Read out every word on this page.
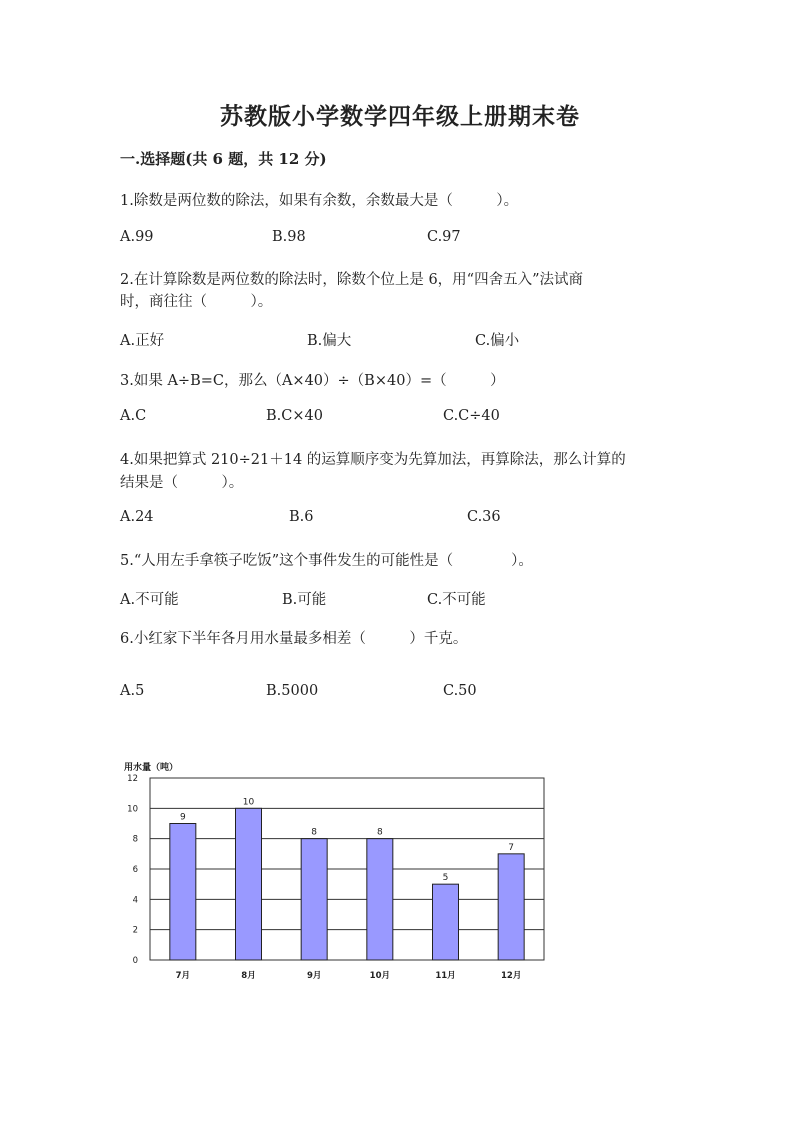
苏教版小学数学四年级上册期末卷
一.选择题(共 6 题，共 12 分)
1.除数是两位数的除法，如果有余数，余数最大是（　　　）。
A.99	B.98	C.97
2.在计算除数是两位数的除法时，除数个位上是 6，用“四舍五入”法试商
时，商往往（　　　）。
A.正好	B.偏大	C.偏小
3.如果 A÷B=C，那么（A×40）÷（B×40）=（　　　）
A.C	B.C×40	C.C÷40
4.如果把算式 210÷21＋14 的运算顺序变为先算加法，再算除法，那么计算的
结果是（　　　）。
A.24	B.6	C.36
5.“人用左手拿筷子吃饭”这个事件发生的可能性是（　　　　）。
A.不可能	B.可能	C.不可能
6.小红家下半年各月用水量最多相差（　　　）千克。
A.5	B.5000	C.50
用水量（吨）
0
2
4
6
8
10
12
9
7月
10
8月
8
9月
8
10月
5
11月
7
12月
